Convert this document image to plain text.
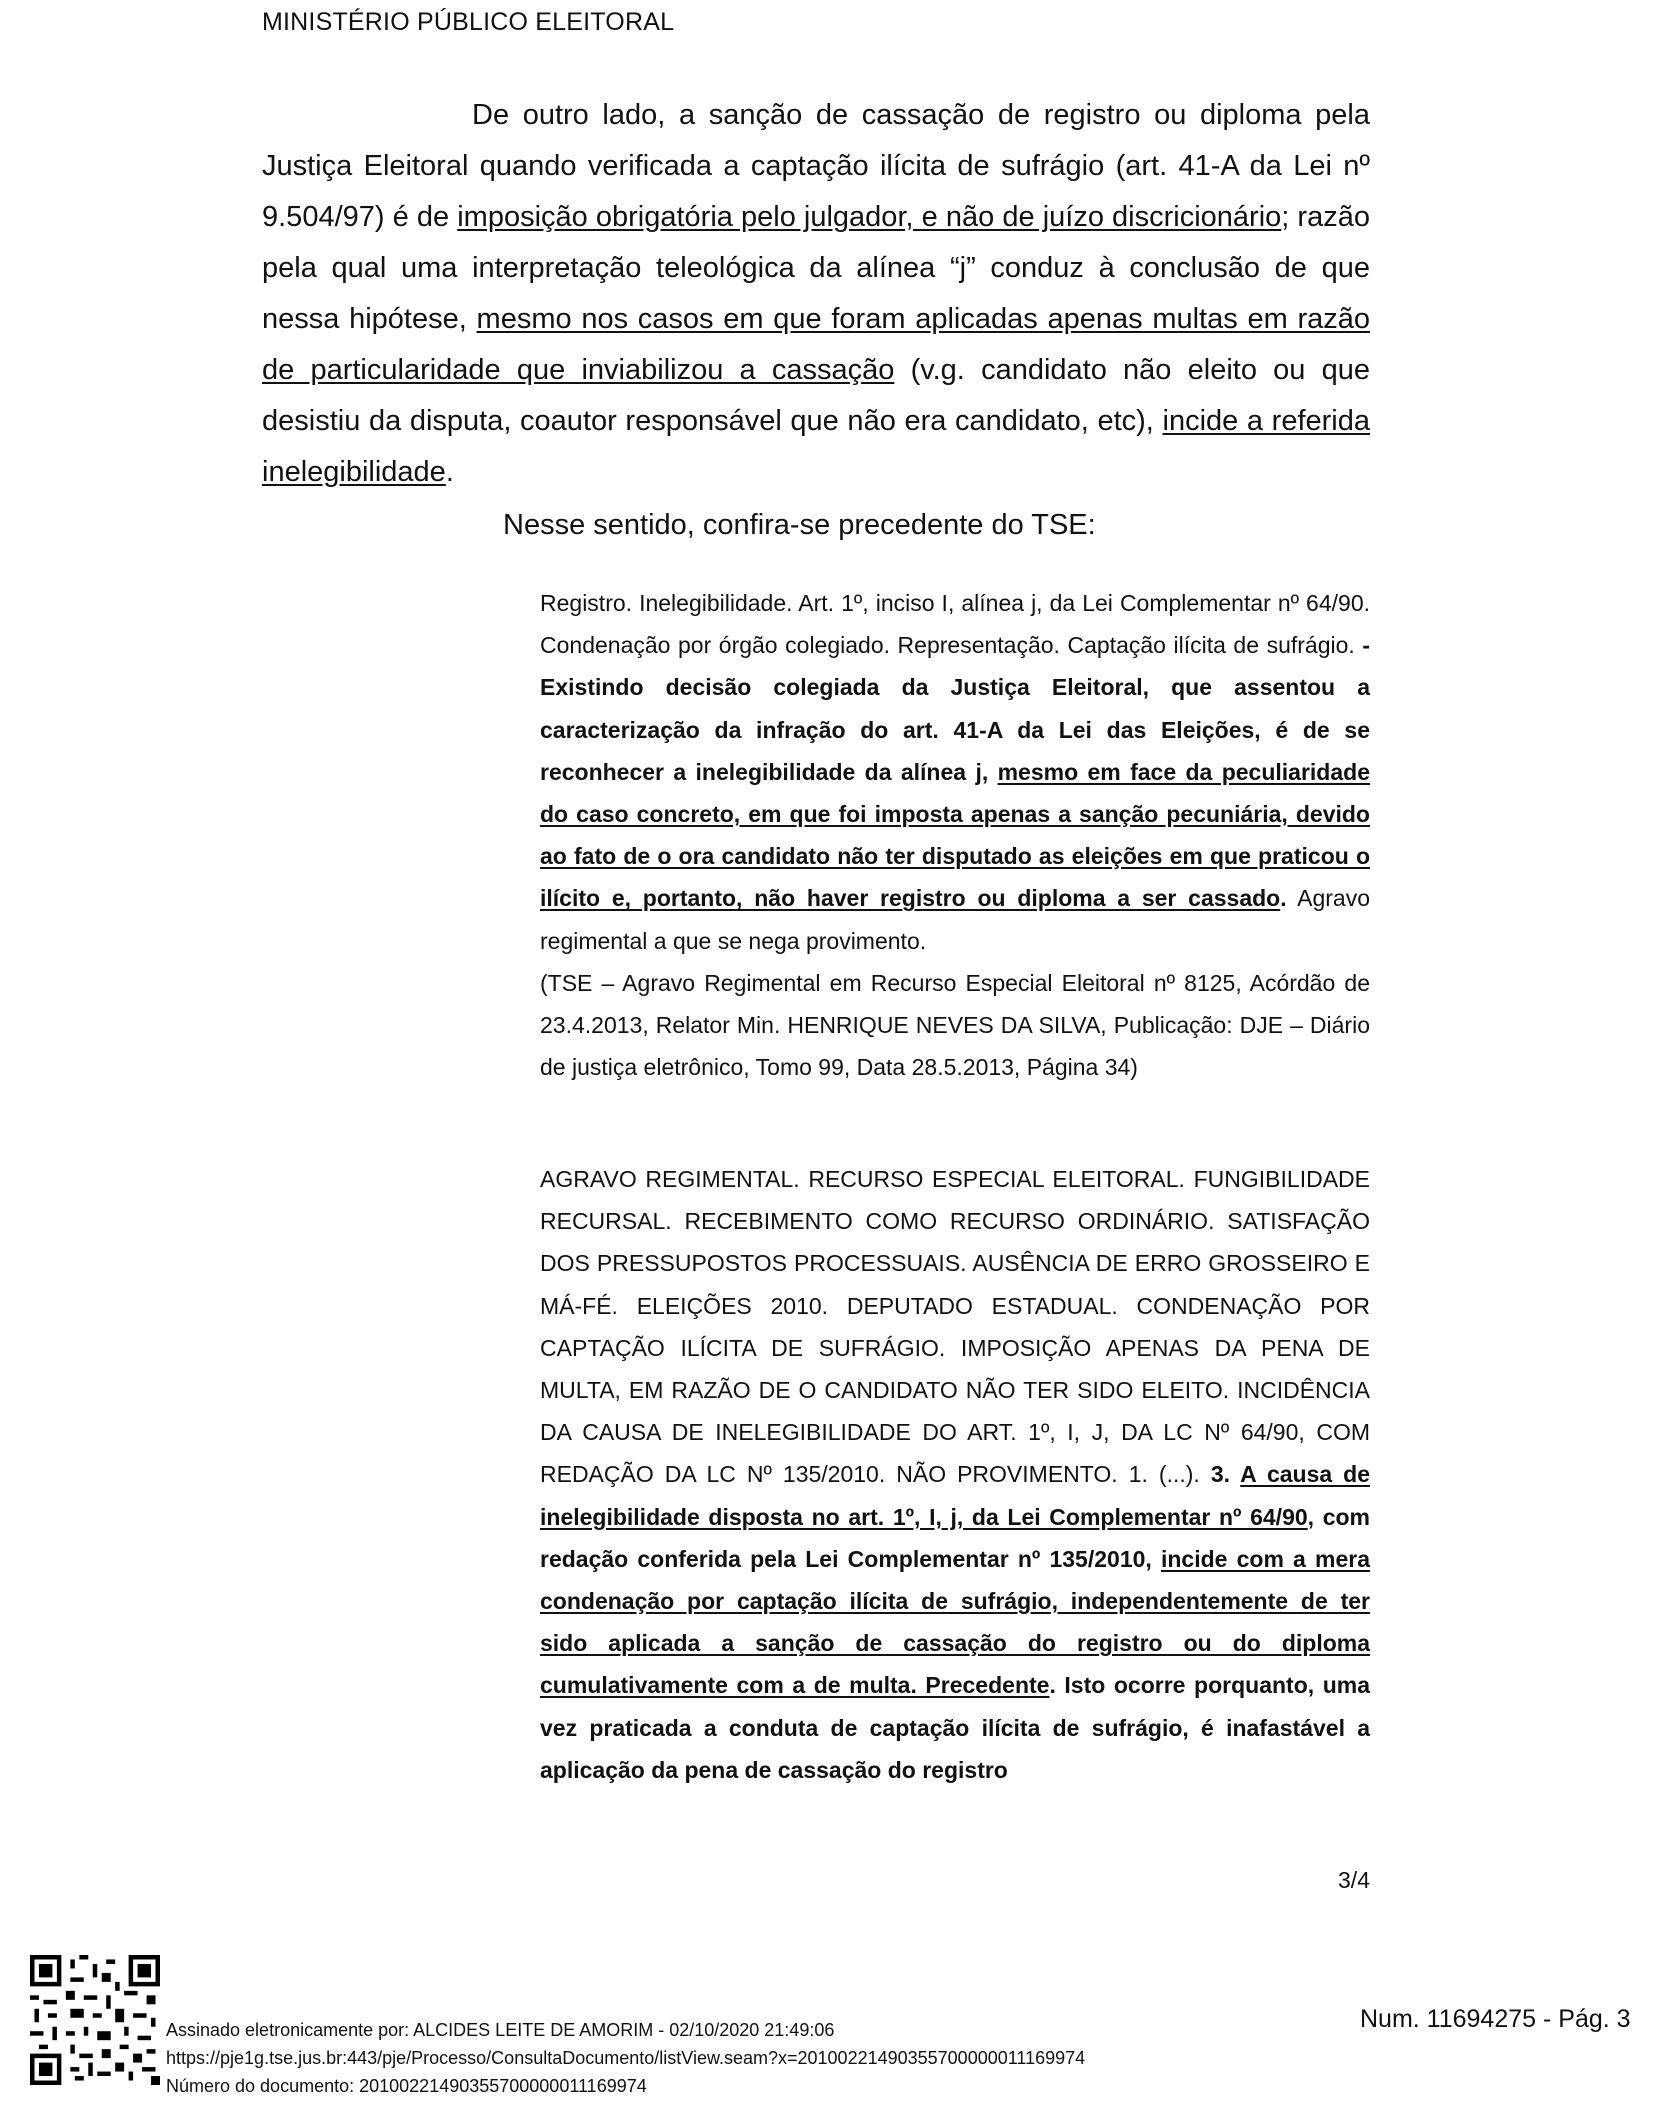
MINISTÉRIO PÚBLICO ELEITORAL
De outro lado, a sanção de cassação de registro ou diploma pela Justiça Eleitoral quando verificada a captação ilícita de sufrágio (art. 41-A da Lei nº 9.504/97) é de imposição obrigatória pelo julgador, e não de juízo discricionário; razão pela qual uma interpretação teleológica da alínea “j” conduz à conclusão de que nessa hipótese, mesmo nos casos em que foram aplicadas apenas multas em razão de particularidade que inviabilizou a cassação (v.g. candidato não eleito ou que desistiu da disputa, coautor responsável que não era candidato, etc), incide a referida inelegibilidade.
Nesse sentido, confira-se precedente do TSE:
Registro. Inelegibilidade. Art. 1º, inciso I, alínea j, da Lei Complementar nº 64/90. Condenação por órgão colegiado. Representação. Captação ilícita de sufrágio. - Existindo decisão colegiada da Justiça Eleitoral, que assentou a caracterização da infração do art. 41-A da Lei das Eleições, é de se reconhecer a inelegibilidade da alínea j, mesmo em face da peculiaridade do caso concreto, em que foi imposta apenas a sanção pecuniária, devido ao fato de o ora candidato não ter disputado as eleições em que praticou o ilícito e, portanto, não haver registro ou diploma a ser cassado. Agravo regimental a que se nega provimento.
(TSE – Agravo Regimental em Recurso Especial Eleitoral nº 8125, Acórdão de 23.4.2013, Relator Min. HENRIQUE NEVES DA SILVA, Publicação: DJE – Diário de justiça eletrônico, Tomo 99, Data 28.5.2013, Página 34)
AGRAVO REGIMENTAL. RECURSO ESPECIAL ELEITORAL. FUNGIBILIDADE RECURSAL. RECEBIMENTO COMO RECURSO ORDINÁRIO. SATISFAÇÃO DOS PRESSUPOSTOS PROCESSUAIS. AUSÊNCIA DE ERRO GROSSEIRO E MÁ-FÉ. ELEIÇÕES 2010. DEPUTADO ESTADUAL. CONDENAÇÃO POR CAPTAÇÃO ILÍCITA DE SUFRÁGIO. IMPOSIÇÃO APENAS DA PENA DE MULTA, EM RAZÃO DE O CANDIDATO NÃO TER SIDO ELEITO. INCIDÊNCIA DA CAUSA DE INELEGIBILIDADE DO ART. 1º, I, J, DA LC Nº 64/90, COM REDAÇÃO DA LC Nº 135/2010. NÃO PROVIMENTO. 1. (...). 3. A causa de inelegibilidade disposta no art. 1º, I, j, da Lei Complementar nº 64/90, com redação conferida pela Lei Complementar nº 135/2010, incide com a mera condenação por captação ilícita de sufrágio, independentemente de ter sido aplicada a sanção de cassação do registro ou do diploma cumulativamente com a de multa. Precedente. Isto ocorre porquanto, uma vez praticada a conduta de captação ilícita de sufrágio, é inafastável a aplicação da pena de cassação do registro
3/4
Assinado eletronicamente por: ALCIDES LEITE DE AMORIM - 02/10/2020 21:49:06
https://pje1g.tse.jus.br:443/pje/Processo/ConsultaDocumento/listView.seam?x=20100221490355700000011169974
Número do documento: 20100221490355700000011169974
Num. 11694275 - Pág. 3
